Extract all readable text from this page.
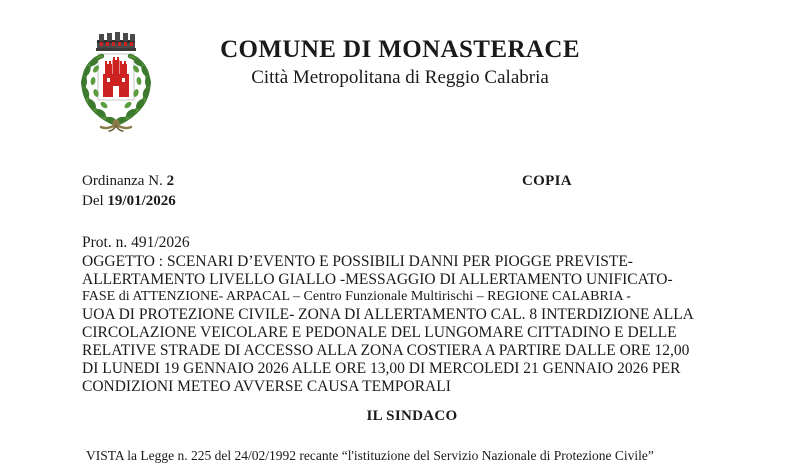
COMUNE DI MONASTERACE
Città Metropolitana di Reggio Calabria
Ordinanza N. 2
Del 19/01/2026
COPIA
Prot. n. 491/2026
OGGETTO : SCENARI D’EVENTO E POSSIBILI DANNI PER PIOGGE PREVISTE-
ALLERTAMENTO LIVELLO GIALLO -MESSAGGIO DI ALLERTAMENTO UNIFICATO-
FASE di ATTENZIONE- ARPACAL – Centro Funzionale Multirischi – REGIONE CALABRIA -
UOA DI PROTEZIONE CIVILE- ZONA DI ALLERTAMENTO CAL. 8 INTERDIZIONE ALLA
CIRCOLAZIONE VEICOLARE E PEDONALE DEL LUNGOMARE CITTADINO E DELLE
RELATIVE STRADE DI ACCESSO ALLA ZONA COSTIERA A PARTIRE DALLE ORE 12,00
DI LUNEDI 19 GENNAIO 2026 ALLE ORE 13,00 DI MERCOLEDI 21 GENNAIO 2026 PER
CONDIZIONI METEO AVVERSE CAUSA TEMPORALI
IL SINDACO
VISTA la Legge n. 225 del 24/02/1992 recante “l'istituzione del Servizio Nazionale di Protezione Civile”
